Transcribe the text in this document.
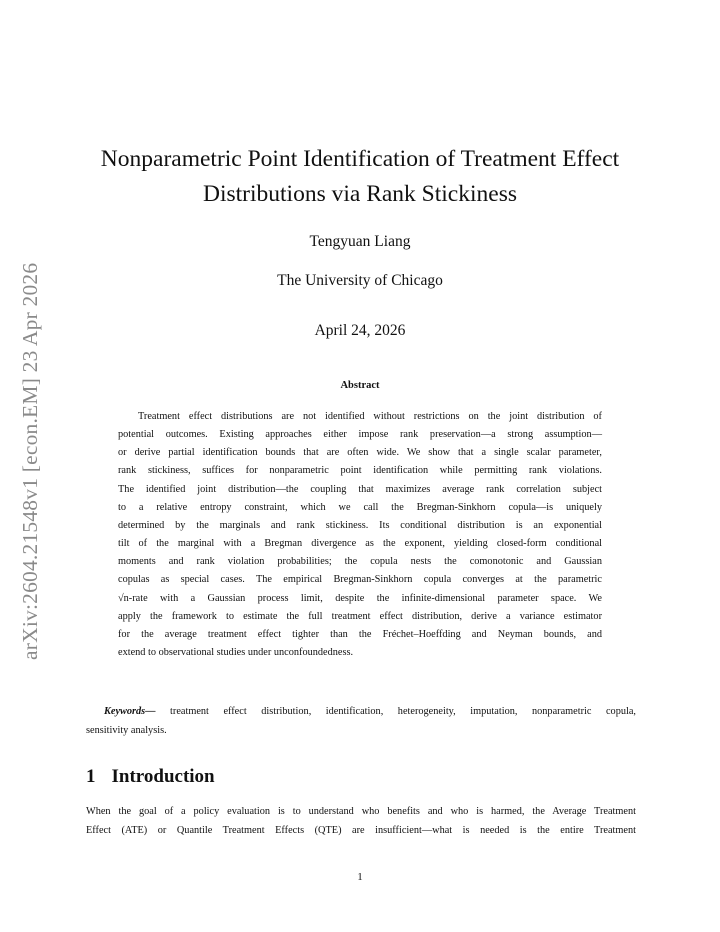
arXiv:2604.21548v1 [econ.EM] 23 Apr 2026
Nonparametric Point Identification of Treatment Effect
Distributions via Rank Stickiness
Tengyuan Liang
The University of Chicago
April 24, 2026
Abstract
Treatment effect distributions are not identified without restrictions on the joint distribution of
potential outcomes. Existing approaches either impose rank preservation—a strong assumption—
or derive partial identification bounds that are often wide. We show that a single scalar parameter,
rank stickiness, suffices for nonparametric point identification while permitting rank violations.
The identified joint distribution—the coupling that maximizes average rank correlation subject
to a relative entropy constraint, which we call the Bregman-Sinkhorn copula—is uniquely
determined by the marginals and rank stickiness. Its conditional distribution is an exponential
tilt of the marginal with a Bregman divergence as the exponent, yielding closed-form conditional
moments and rank violation probabilities; the copula nests the comonotonic and Gaussian
copulas as special cases. The empirical Bregman-Sinkhorn copula converges at the parametric
√n-rate with a Gaussian process limit, despite the infinite-dimensional parameter space. We
apply the framework to estimate the full treatment effect distribution, derive a variance estimator
for the average treatment effect tighter than the Fréchet–Hoeffding and Neyman bounds, and
extend to observational studies under unconfoundedness.
Keywords— treatment effect distribution, identification, heterogeneity, imputation, nonparametric copula,
sensitivity analysis.
1 Introduction
When the goal of a policy evaluation is to understand who benefits and who is harmed, the Average Treatment
Effect (ATE) or Quantile Treatment Effects (QTE) are insufficient—what is needed is the entire Treatment
1
